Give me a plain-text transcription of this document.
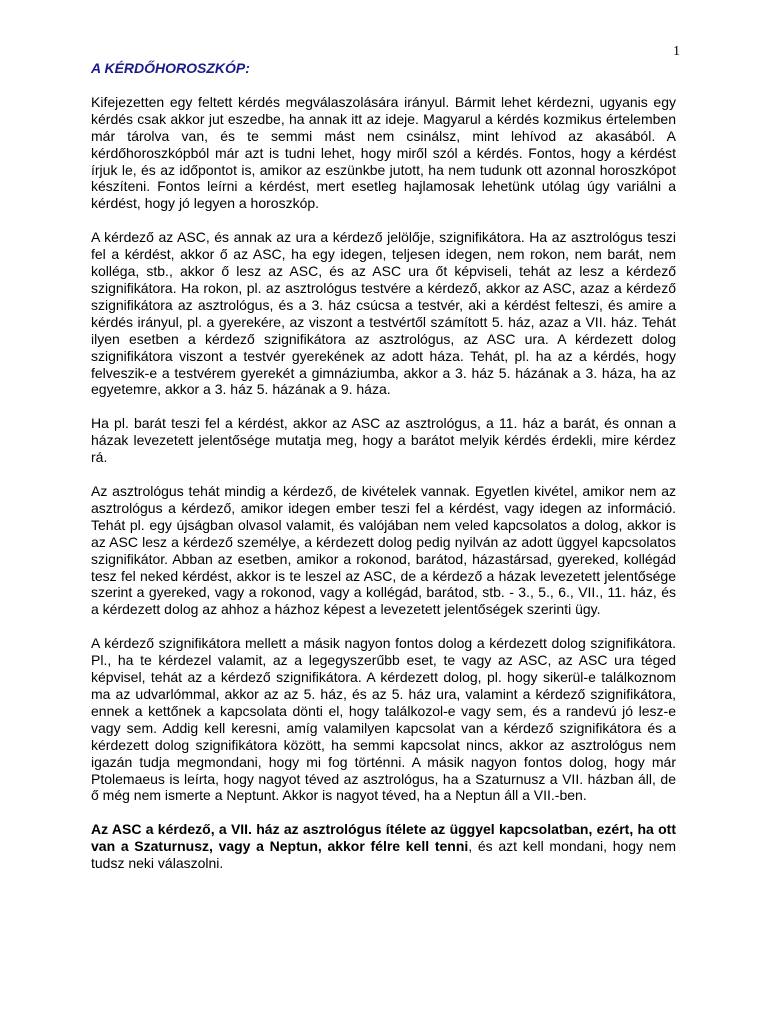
1
A KÉRDŐHOROSZKÓP:

Kifejezetten egy feltett kérdés megválaszolására irányul. Bármit lehet kérdezni, ugyanis egy kérdés csak akkor jut eszedbe, ha annak itt az ideje. Magyarul a kérdés kozmikus értelemben már tárolva van, és te semmi mást nem csinálsz, mint lehívod az akasából. A kérdőhoroszkópból már azt is tudni lehet, hogy miről szól a kérdés. Fontos, hogy a kérdést írjuk le, és az időpontot is, amikor az eszünkbe jutott, ha nem tudunk ott azonnal horoszkópot készíteni. Fontos leírni a kérdést, mert esetleg hajlamosak lehetünk utólag úgy variálni a kérdést, hogy jó legyen a horoszkóp.

A kérdező az ASC, és annak az ura a kérdező jelölője, szignifikátora. Ha az asztrológus teszi fel a kérdést, akkor ő az ASC, ha egy idegen, teljesen idegen, nem rokon, nem barát, nem kolléga, stb., akkor ő lesz az ASC, és az ASC ura őt képviseli, tehát az lesz a kérdező szignifikátora. Ha rokon, pl. az asztrológus testvére a kérdező, akkor az ASC, azaz a kérdező szignifikátora az asztrológus, és a 3. ház csúcsa a testvér, aki a kérdést felteszi, és amire a kérdés irányul, pl. a gyerekére, az viszont a testvértől számított 5. ház, azaz a VII. ház. Tehát ilyen esetben a kérdező szignifikátora az asztrológus, az ASC ura. A kérdezett dolog szignifikátora viszont a testvér gyerekének az adott háza. Tehát, pl. ha az a kérdés, hogy felveszik-e a testvérem gyerekét a gimnáziumba, akkor a 3. ház 5. házának a 3. háza, ha az egyetemre, akkor a 3. ház 5. házának a 9. háza.

Ha pl. barát teszi fel a kérdést, akkor az ASC az asztrológus, a 11. ház a barát, és onnan a házak levezetett jelentősége mutatja meg, hogy a barátot melyik kérdés érdekli, mire kérdez rá.

Az asztrológus tehát mindig a kérdező, de kivételek vannak. Egyetlen kivétel, amikor nem az asztrológus a kérdező, amikor idegen ember teszi fel a kérdést, vagy idegen az információ. Tehát pl. egy újságban olvasol valamit, és valójában nem veled kapcsolatos a dolog, akkor is az ASC lesz a kérdező személye, a kérdezett dolog pedig nyilván az adott üggyel kapcsolatos szignifikátor. Abban az esetben, amikor a rokonod, barátod, házastársad, gyereked, kollégád tesz fel neked kérdést, akkor is te leszel az ASC, de a kérdező a házak levezetett jelentősége szerint a gyereked, vagy a rokonod, vagy a kollégád, barátod, stb. - 3., 5., 6., VII., 11. ház, és a kérdezett dolog az ahhoz a házhoz képest a levezetett jelentőségek szerinti ügy.

A kérdező szignifikátora mellett a másik nagyon fontos dolog a kérdezett dolog szignifikátora. Pl., ha te kérdezel valamit, az a legegyszerűbb eset, te vagy az ASC, az ASC ura téged képvisel, tehát az a kérdező szignifikátora. A kérdezett dolog, pl. hogy sikerül-e találkoznom ma az udvarlómmal, akkor az az 5. ház, és az 5. ház ura, valamint a kérdező szignifikátora, ennek a kettőnek a kapcsolata dönti el, hogy találkozol-e vagy sem, és a randevú jó lesz-e vagy sem. Addig kell keresni, amíg valamilyen kapcsolat van a kérdező szignifikátora és a kérdezett dolog szignifikátora között, ha semmi kapcsolat nincs, akkor az asztrológus nem igazán tudja megmondani, hogy mi fog történni. A másik nagyon fontos dolog, hogy már Ptolemaeus is leírta, hogy nagyot téved az asztrológus, ha a Szaturnusz a VII. házban áll, de ő még nem ismerte a Neptunt. Akkor is nagyot téved, ha a Neptun áll a VII.-ben.

Az ASC a kérdező, a VII. ház az asztrológus ítélete az üggyel kapcsolatban, ezért, ha ott van a Szaturnusz, vagy a Neptun, akkor félre kell tenni, és azt kell mondani, hogy nem tudsz neki válaszolni.
